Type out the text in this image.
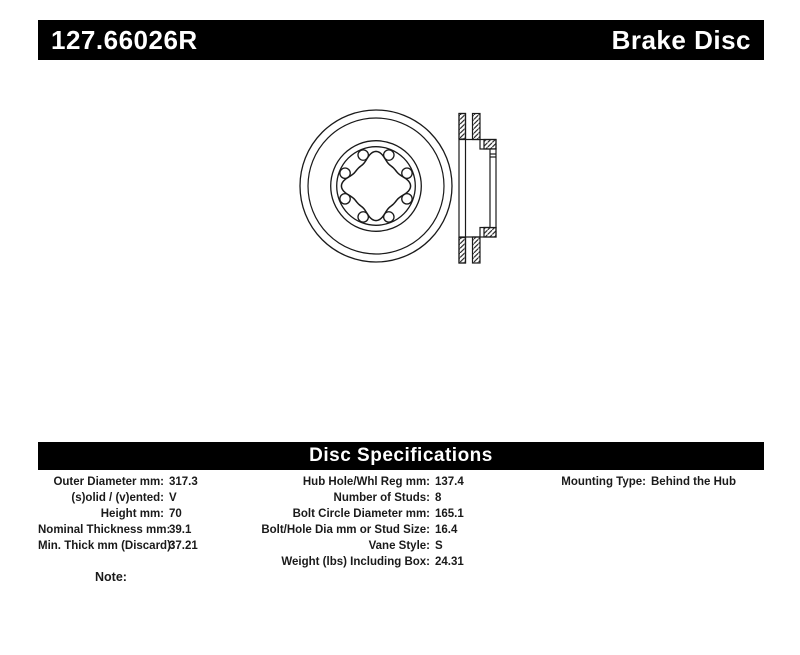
127.66026R	Brake Disc
Disc Specifications
Outer Diameter mm: 317.3
(s)olid / (v)ented: V
Height mm: 70
Nominal Thickness mm:39.1
Min. Thick mm (Discard):37.21
Hub Hole/Whl Reg mm: 137.4
Number of Studs: 8
Bolt Circle Diameter mm: 165.1
Bolt/Hole Dia mm or Stud Size: 16.4
Vane Style: S
Weight (lbs) Including Box: 24.31
Mounting Type: Behind the Hub
Note:
